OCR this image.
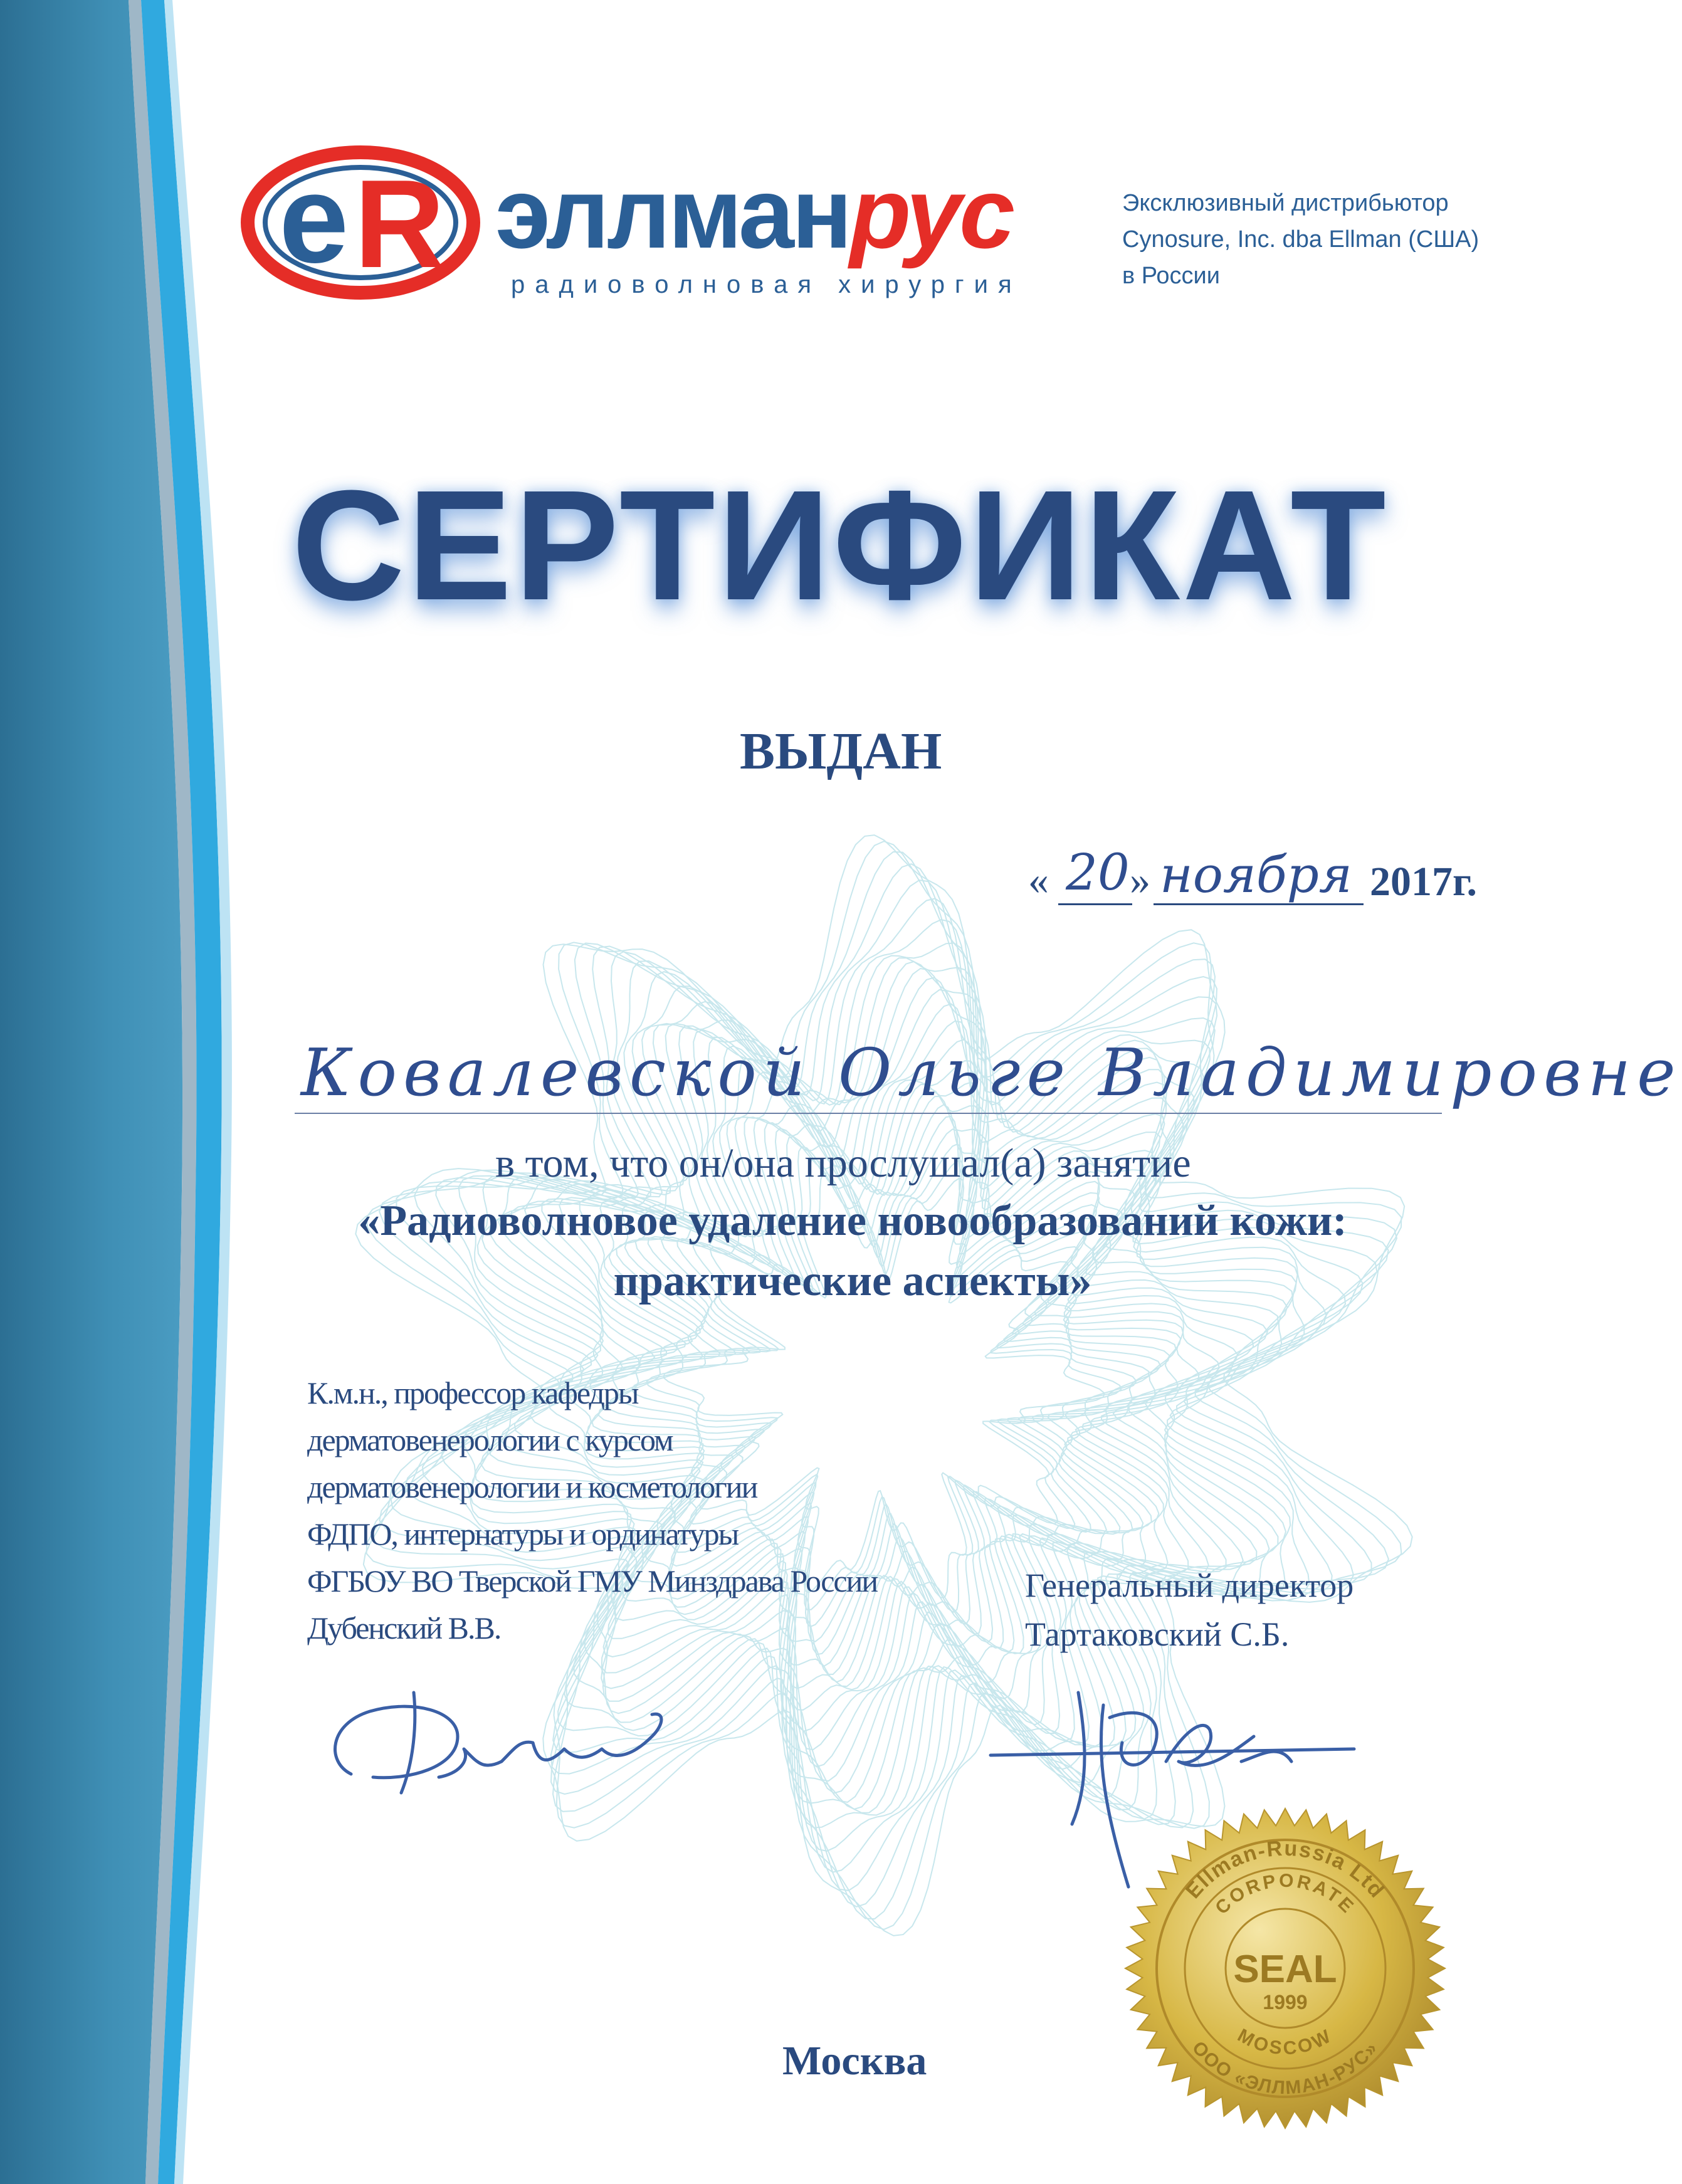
e R эллманрус
радиоволновая хирургия
Эксклюзивный дистрибьютор
Cynosure, Inc. dba Ellman (США)
в России
СЕРТИФИКАТ
ВЫДАН
« 20 » ноября 2017г.
Ковалевской Ольге Владимировне
в том, что он/она прослушал(а) занятие
«Радиоволновое удаление новообразований кожи:
практические аспекты»
К.м.н., профессор кафедры
дерматовенерологии с курсом
дерматовенерологии и косметологии
ФДПО, интернатуры и ординатуры
ФГБОУ ВО Тверской ГМУ Минздрава России
Дубенский В.В.
Генеральный директор
Тартаковский С.Б.
Ellman-Russia Ltd
CORPORATE
SEAL
1999
MOSCOW
ООО «ЭЛЛМАН-РУС»
Москва
